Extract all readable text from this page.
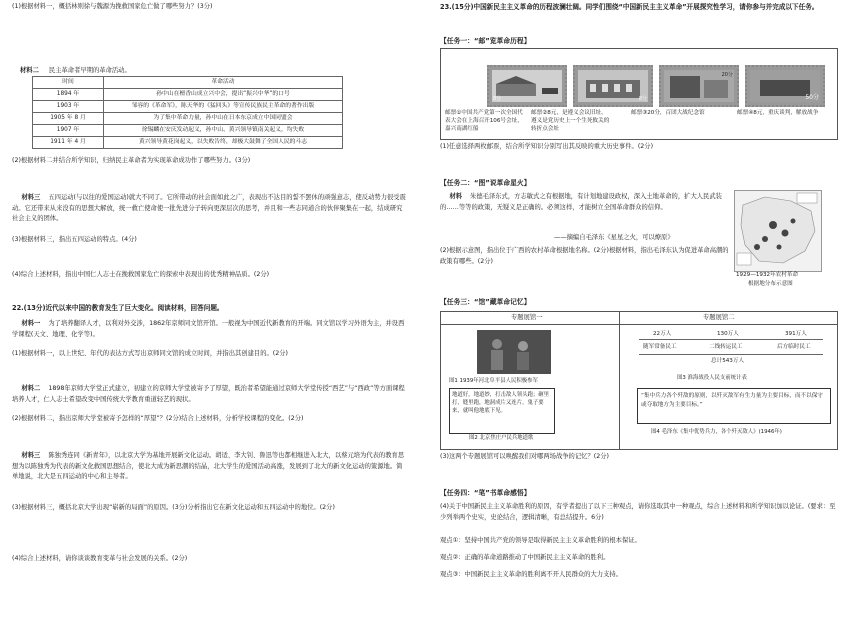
(1)根据材料一，概括林则徐与魏源为挽救国家危亡做了哪些努力？(3分)
材料二 民主革命者早期的革命活动。
时间	革命活动
1894 年	孙中山在檀香山成立兴中会，提出“振兴中华”的口号
1903 年	邹容的《革命军》，陈天华的《猛回头》等宣传民族民主革命的著作出版
1905 年 8 月	为了集中革命力量，孙中山在日本东京成立中国同盟会
1907 年	徐锡麟在安庆发动起义，孙中山、黄兴领导镇南关起义，均失败
1911 年 4 月	黄兴领导黄花岗起义，以失败告终，却极大鼓舞了全国人民的斗志
(2)根据材料二并结合所学知识，归纳民主革命者为实现革命成功作了哪些努力。(3分)
材料三 五四运动(与以往的爱国运动)就大不同了。它所带动的社会面如此之广，表现出不达目的誓不罢休的顽强意志，使反动势力很受震动。它还带来从来没有的思想大解放，统一救亡使命使一批先进分子转向更深层次的思考，并且和一些志同道合的伙伴聚集在一起，结成研究社会主义的团体。
(3)根据材料三，指出五四运动的特点。(4分)
(4)综合上述材料，指出中国仁人志士在挽救国家危亡的探索中表现出的优秀精神品质。(2分)
22.(13分)近代以来中国的教育发生了巨大变化。阅读材料，回答问题。
材料一 为了培养翻译人才，以利对外交涉，1862年京师同文馆开馆。一般视为中国近代新教育的开端。同文馆以学习外语为主，并设西学课程(天文、地理、化学等)。
(1)根据材料一，以上世纪、年代的表达方式写出京师同文馆的成立时间，并指出其创建目的。(2分)
材料二 1898年京师大学堂正式建立，初建立的京师大学堂被寄予了厚望，既治者希望能通过京师大学堂传授“西艺”与“西政”等方面课程培养人才，仁人志士希望改变中国传统大学教育重道轻艺的现状。
(2)根据材料二，指出京师大学堂被寄予怎样的“厚望”？(2分)结合上述材料，分析学校课程的变化。(2分)
材料三 陈独秀连同《新青年》，以北京大学为基地开展新文化运动。胡适、李大钊、鲁迅等也都相继进入北大，以蔡元培为代表的教育思想为以陈独秀为代表的新文化救国思想结合，使北大成为新思潮的结晶，北大学生的爱国活动高涨，发展到了北大的新文化运动的策源地。简单地说，北大是五四运动的中心和主导者。
(3)根据材料三，概括北京大学出现“崭新的局面”的原因。(3分)分析指出它在新文化运动和五四运动中的地位。(2分)
(4)综合上述材料，请你谈谈教育变革与社会发展的关系。(2分)
23.(15分)中国新民主主义革命的历程波澜壮阔。同学们围绕“中国新民主主义革命”开展探究性学习，请你参与并完成以下任务。
【任务一：“邮”览革命历程】
8分	8分
20分
50分
邮票①中国共产党第一次全国代表大会在上海召开106号会址，嘉兴南湖红船
邮票②8元，是遵义会议旧址，遵义是党历史上一个生死攸关的转折点会址
邮票③20分，百团大战纪念馆	邮票④8元，重庆谈判，解放战争
(1)任意选择两枚邮票，结合所学知识分别写出其反映的重大历史事件。(2分)
【任务二：“图”说革命星火】
材料 朱德毛泽东式，方志敏式之有根据地，有计划地建设政权，深入土地革命的，扩大人民武装的……等等的政策，无疑义是正确的。必须这样，才能树立全国革命群众的信仰。
——摘编自毛泽东《星星之火，可以燎原》
(2)根据示意图，指出位于广西的农村革命根据地名称。(2分)根据材料，指出毛泽东认为促进革命高潮的政策有哪些。(2分)
1929—1932年农村革命
根据地分布示意图
【任务三：“馆”藏革命记忆】
专题展馆一	专题展馆二
图1 1939年河北阜平县人民积极参军
地道好，地道妙，打击敌人领头跑；砸里打，缝里跑，地洞成片又连片。鬼子要来，就叫他地底下见。
图2 北京焦庄户民兵地道歌
22万人	130万人	391万人
随军常备民工	二线转运民工	后方临时民工
总计543万人
图3 淮海战役人民支前统计表
“集中兵力各个歼敌的原则，以歼灭敌军有生力量为主要目标，而不以保守或夺取地方为主要目标。”
图4 毛泽东《集中优势兵力，各个歼灭敌人》(1946年)
(3)这两个专题展馆可以唤醒我们对哪两场战争的记忆？(2分)
【任务四：“笔”书革命感悟】
(4)关于中国新民主主义革命胜利的原因，有学者提出了以下三种观点，请你选取其中一种观点，综合上述材料和所学知识加以论证。(要求：至少列举两个史实，史论结合，逻辑清晰，有总结提升。6分)
观点①：坚持中国共产党的领导是取得新民主主义革命胜利的根本保证。
观点②：正确的革命道路推动了中国新民主主义革命的胜利。
观点③：中国新民主主义革命的胜利离不开人民群众的大力支持。
